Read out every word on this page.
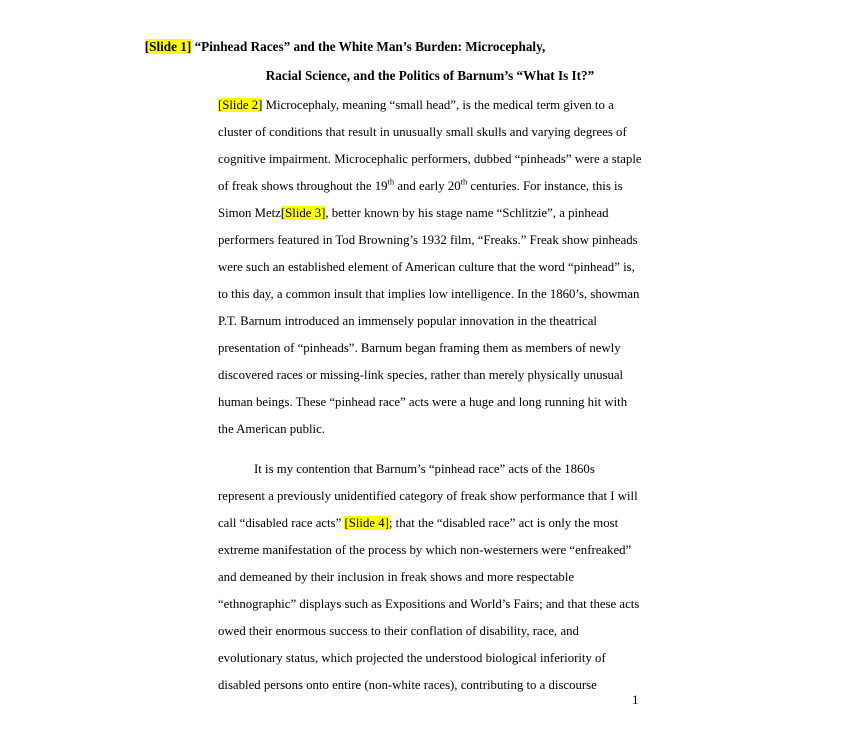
[Slide 1] “Pinhead Races” and the White Man’s Burden: Microcephaly,
Racial Science, and the Politics of Barnum’s “What Is It?”

[Slide 2] Microcephaly, meaning “small head”, is the medical term given to a cluster of conditions that result in unusually small skulls and varying degrees of cognitive impairment. Microcephalic performers, dubbed “pinheads” were a staple of freak shows throughout the 19th and early 20th centuries. For instance, this is Simon Metz[Slide 3], better known by his stage name “Schlitzie”, a pinhead performers featured in Tod Browning’s 1932 film, “Freaks.” Freak show pinheads were such an established element of American culture that the word “pinhead” is, to this day, a common insult that implies low intelligence. In the 1860’s, showman P.T. Barnum introduced an immensely popular innovation in the theatrical presentation of “pinheads”. Barnum began framing them as members of newly discovered races or missing-link species, rather than merely physically unusual human beings. These “pinhead race” acts were a huge and long running hit with the American public.

It is my contention that Barnum’s “pinhead race” acts of the 1860s represent a previously unidentified category of freak show performance that I will call “disabled race acts” [Slide 4]; that the “disabled race” act is only the most extreme manifestation of the process by which non-westerners were “enfreaked” and demeaned by their inclusion in freak shows and more respectable “ethnographic” displays such as Expositions and World’s Fairs; and that these acts owed their enormous success to their conflation of disability, race, and evolutionary status, which projected the understood biological inferiority of disabled persons onto entire (non-white races), contributing to a discourse

1
